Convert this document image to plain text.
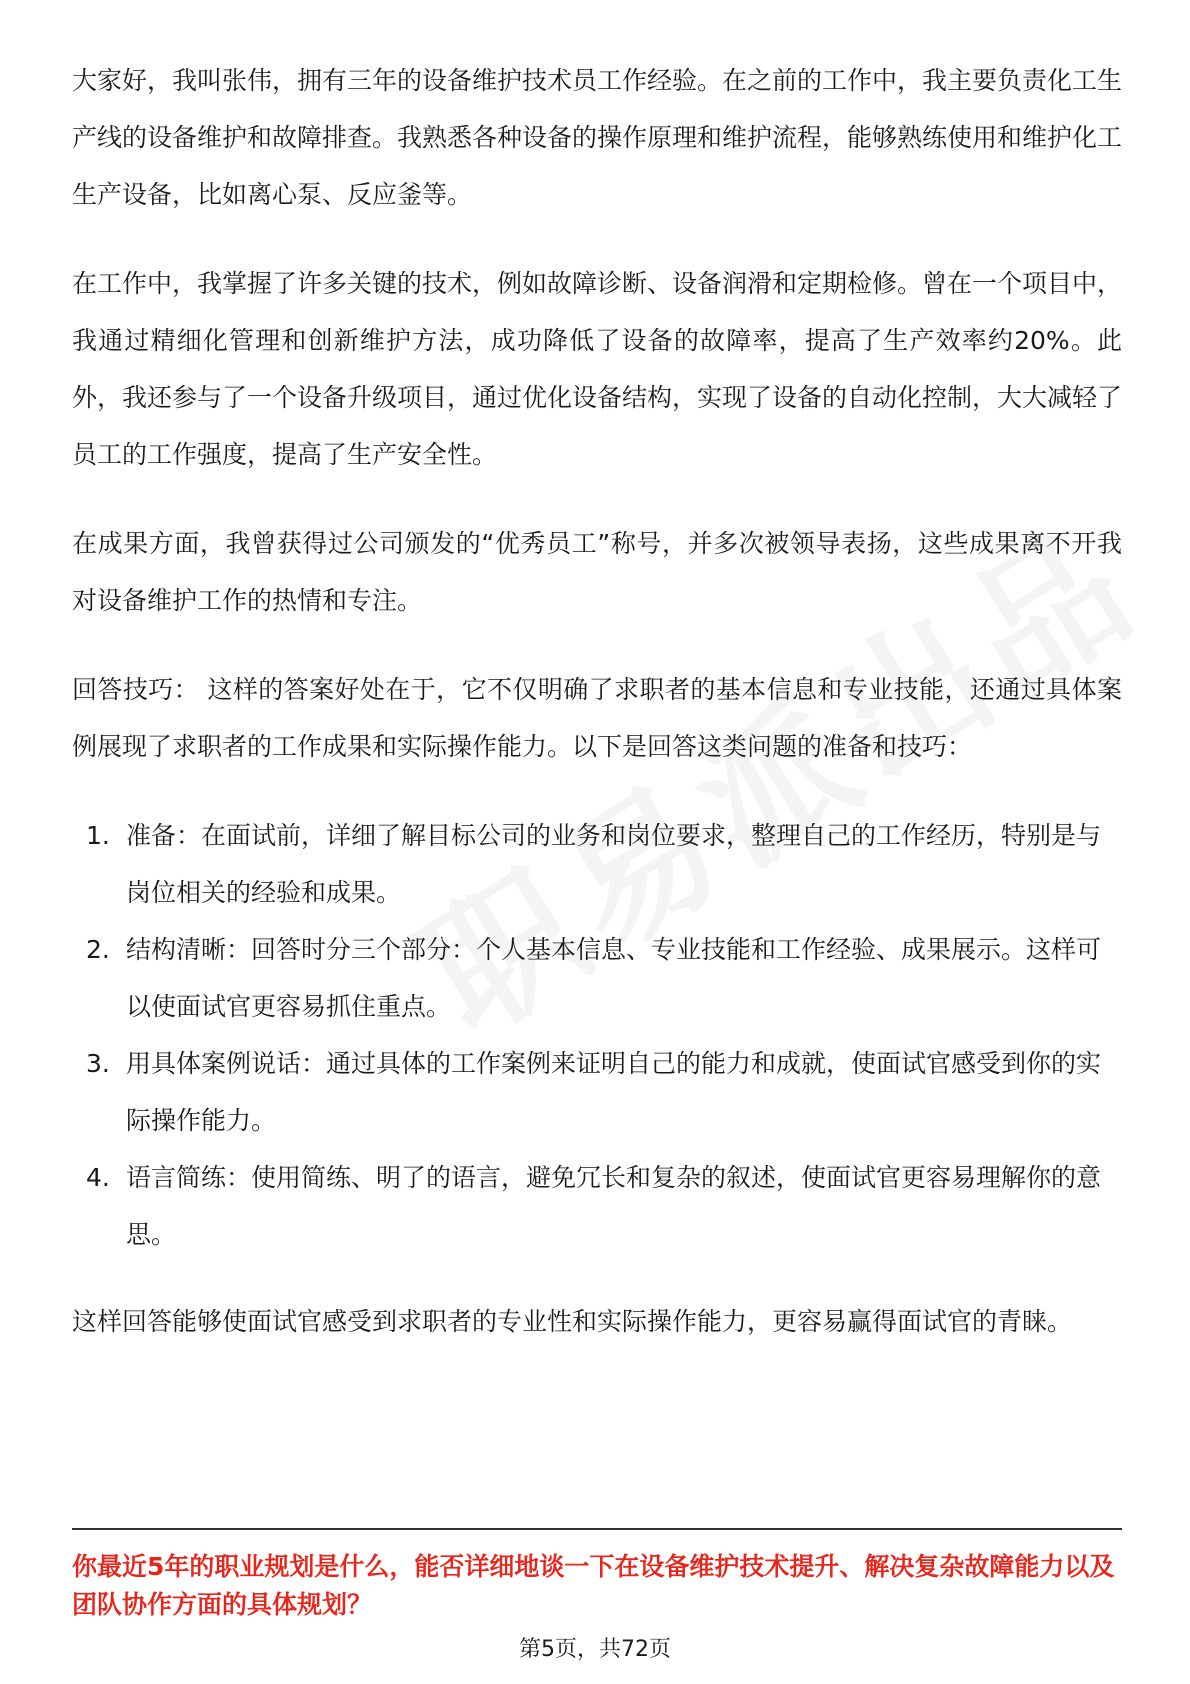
大家好，我叫张伟，拥有三年的设备维护技术员工作经验。在之前的工作中，我主要负责化工生产线的设备维护和故障排查。我熟悉各种设备的操作原理和维护流程，能够熟练使用和维护化工生产设备，比如离心泵、反应釜等。

在工作中，我掌握了许多关键的技术，例如故障诊断、设备润滑和定期检修。曾在一个项目中，我通过精细化管理和创新维护方法，成功降低了设备的故障率，提高了生产效率约20%。此外，我还参与了一个设备升级项目，通过优化设备结构，实现了设备的自动化控制，大大减轻了员工的工作强度，提高了生产安全性。

在成果方面，我曾获得过公司颁发的“优秀员工”称号，并多次被领导表扬，这些成果离不开我对设备维护工作的热情和专注。

回答技巧： 这样的答案好处在于，它不仅明确了求职者的基本信息和专业技能，还通过具体案例展现了求职者的工作成果和实际操作能力。以下是回答这类问题的准备和技巧：

1. 准备：在面试前，详细了解目标公司的业务和岗位要求，整理自己的工作经历，特别是与岗位相关的经验和成果。
2. 结构清晰：回答时分三个部分：个人基本信息、专业技能和工作经验、成果展示。这样可以使面试官更容易抓住重点。
3. 用具体案例说话：通过具体的工作案例来证明自己的能力和成就，使面试官感受到你的实际操作能力。
4. 语言简练：使用简练、明了的语言，避免冗长和复杂的叙述，使面试官更容易理解你的意思。

这样回答能够使面试官感受到求职者的专业性和实际操作能力，更容易赢得面试官的青睐。

你最近5年的职业规划是什么，能否详细地谈一下在设备维护技术提升、解决复杂故障能力以及团队协作方面的具体规划？
第5页，共72页
